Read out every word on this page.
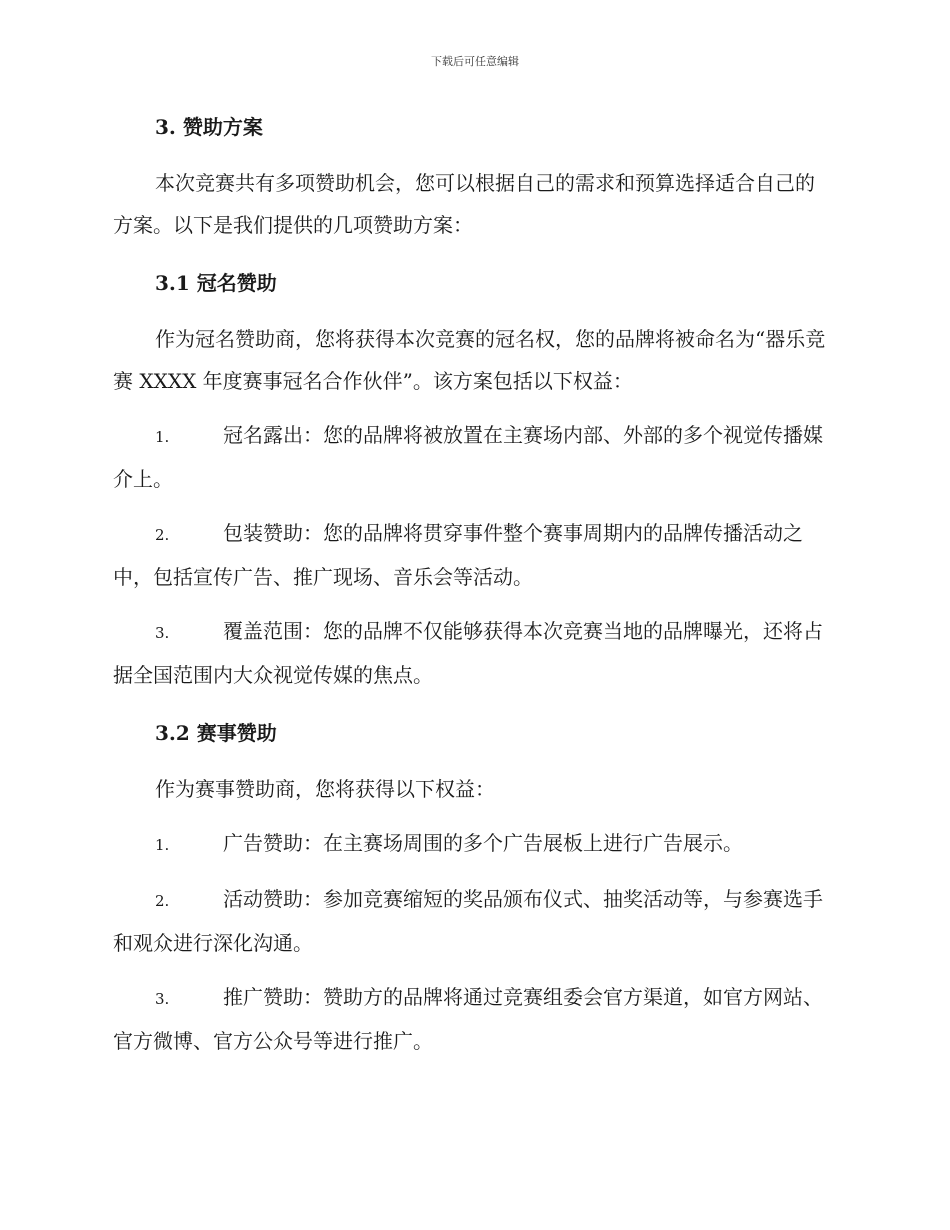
下载后可任意编辑
3. 赞助方案

本次竞赛共有多项赞助机会，您可以根据自己的需求和预算选择适合自己的方案。以下是我们提供的几项赞助方案：

3.1 冠名赞助

作为冠名赞助商，您将获得本次竞赛的冠名权，您的品牌将被命名为“器乐竞赛 XXXX 年度赛事冠名合作伙伴”。该方案包括以下权益：

1.	冠名露出：您的品牌将被放置在主赛场内部、外部的多个视觉传播媒介上。
2.	包装赞助：您的品牌将贯穿事件整个赛事周期内的品牌传播活动之中，包括宣传广告、推广现场、音乐会等活动。
3.	覆盖范围：您的品牌不仅能够获得本次竞赛当地的品牌曝光，还将占据全国范围内大众视觉传媒的焦点。
3.2 赛事赞助

作为赛事赞助商，您将获得以下权益：

1.	广告赞助：在主赛场周围的多个广告展板上进行广告展示。
2.	活动赞助：参加竞赛缩短的奖品颁布仪式、抽奖活动等，与参赛选手和观众进行深化沟通。
3.	推广赞助：赞助方的品牌将通过竞赛组委会官方渠道，如官方网站、官方微博、官方公众号等进行推广。
